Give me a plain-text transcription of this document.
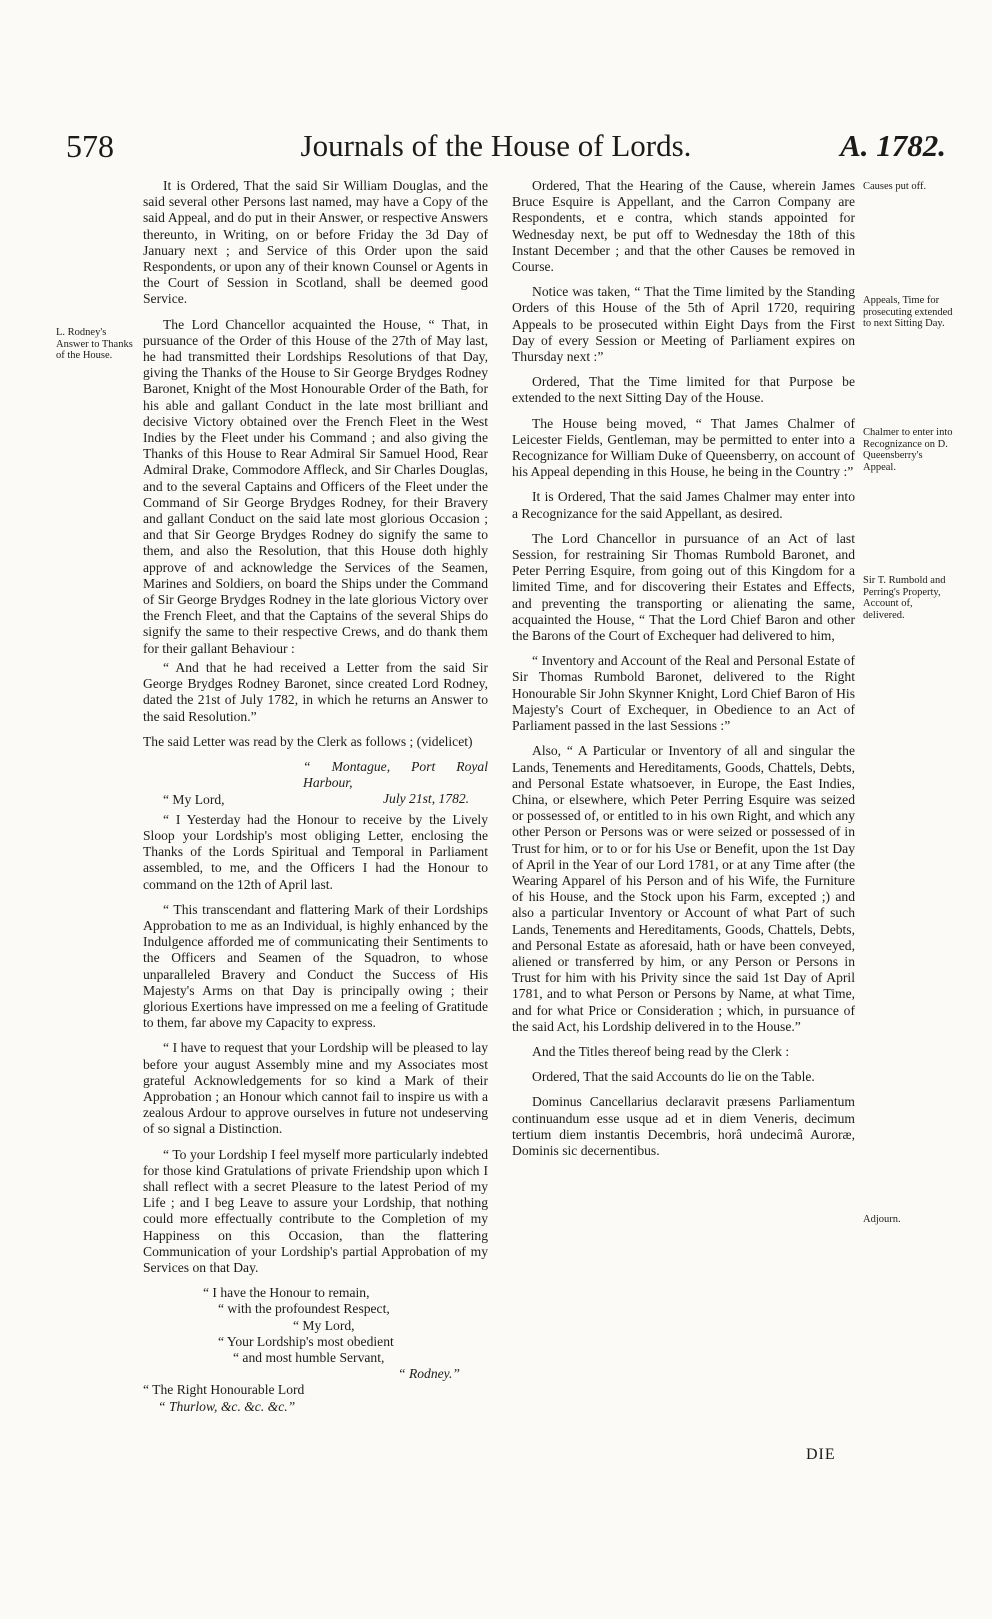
578	Journals of the House of Lords.	A. 1782.
L. Rodney's Answer to Thanks of the House.
Causes put off.
Appeals, Time for prosecuting extended to next Sitting Day.
Chalmer to enter into Recognizance on D. Queensberry's Appeal.
Sir T. Rumbold and Perring's Property, Account of, delivered.
Adjourn.

It is Ordered, That the said Sir William Douglas, and the said several other Persons last named, may have a Copy of the said Appeal, and do put in their Answer, or respective Answers thereunto, in Writing, on or before Friday the 3d Day of January next ; and Service of this Order upon the said Respondents, or upon any of their known Counsel or Agents in the Court of Session in Scotland, shall be deemed good Service.

The Lord Chancellor acquainted the House, “ That, in pursuance of the Order of this House of the 27th of May last, he had transmitted their Lordships Resolutions of that Day, giving the Thanks of the House to Sir George Brydges Rodney Baronet, Knight of the Most Honourable Order of the Bath, for his able and gallant Conduct in the late most brilliant and decisive Victory obtained over the French Fleet in the West Indies by the Fleet under his Command ; and also giving the Thanks of this House to Rear Admiral Sir Samuel Hood, Rear Admiral Drake, Commodore Affleck, and Sir Charles Douglas, and to the several Captains and Officers of the Fleet under the Command of Sir George Brydges Rodney, for their Bravery and gallant Conduct on the said late most glorious Occasion ; and that Sir George Brydges Rodney do signify the same to them, and also the Resolution, that this House doth highly approve of and acknowledge the Services of the Seamen, Marines and Soldiers, on board the Ships under the Command of Sir George Brydges Rodney in the late glorious Victory over the French Fleet, and that the Captains of the several Ships do signify the same to their respective Crews, and do thank them for their gallant Behaviour :

“ And that he had received a Letter from the said Sir George Brydges Rodney Baronet, since created Lord Rodney, dated the 21st of July 1782, in which he returns an Answer to the said Resolution.”

The said Letter was read by the Clerk as follows ; (videlicet)

“ Montague, Port Royal Harbour,
July 21st, 1782.
“ My Lord,

“ I Yesterday had the Honour to receive by the Lively Sloop your Lordship's most obliging Letter, enclosing the Thanks of the Lords Spiritual and Temporal in Parliament assembled, to me, and the Officers I had the Honour to command on the 12th of April last.

“ This transcendant and flattering Mark of their Lordships Approbation to me as an Individual, is highly enhanced by the Indulgence afforded me of communicating their Sentiments to the Officers and Seamen of the Squadron, to whose unparalleled Bravery and Conduct the Success of His Majesty's Arms on that Day is principally owing ; their glorious Exertions have impressed on me a feeling of Gratitude to them, far above my Capacity to express.

“ I have to request that your Lordship will be pleased to lay before your august Assembly mine and my Associates most grateful Acknowledgements for so kind a Mark of their Approbation ; an Honour which cannot fail to inspire us with a zealous Ardour to approve ourselves in future not undeserving of so signal a Distinction.

“ To your Lordship I feel myself more particularly indebted for those kind Gratulations of private Friendship upon which I shall reflect with a secret Pleasure to the latest Period of my Life ; and I beg Leave to assure your Lordship, that nothing could more effectually contribute to the Completion of my Happiness on this Occasion, than the flattering Communication of your Lordship's partial Approbation of my Services on that Day.

“ I have the Honour to remain,
“ with the profoundest Respect,
“ My Lord,
“ Your Lordship's most obedient
“ and most humble Servant,
“ Rodney.”
“ The Right Honourable Lord
“ Thurlow, &c. &c. &c.”

Ordered, That the Hearing of the Cause, wherein James Bruce Esquire is Appellant, and the Carron Company are Respondents, et e contra, which stands appointed for Wednesday next, be put off to Wednesday the 18th of this Instant December ; and that the other Causes be removed in Course.

Notice was taken, “ That the Time limited by the Standing Orders of this House of the 5th of April 1720, requiring Appeals to be prosecuted within Eight Days from the First Day of every Session or Meeting of Parliament expires on Thursday next :”

Ordered, That the Time limited for that Purpose be extended to the next Sitting Day of the House.

The House being moved, “ That James Chalmer of Leicester Fields, Gentleman, may be permitted to enter into a Recognizance for William Duke of Queensberry, on account of his Appeal depending in this House, he being in the Country :”

It is Ordered, That the said James Chalmer may enter into a Recognizance for the said Appellant, as desired.

The Lord Chancellor in pursuance of an Act of last Session, for restraining Sir Thomas Rumbold Baronet, and Peter Perring Esquire, from going out of this Kingdom for a limited Time, and for discovering their Estates and Effects, and preventing the transporting or alienating the same, acquainted the House, “ That the Lord Chief Baron and other the Barons of the Court of Exchequer had delivered to him,

“ Inventory and Account of the Real and Personal Estate of Sir Thomas Rumbold Baronet, delivered to the Right Honourable Sir John Skynner Knight, Lord Chief Baron of His Majesty's Court of Exchequer, in Obedience to an Act of Parliament passed in the last Sessions :”

Also, “ A Particular or Inventory of all and singular the Lands, Tenements and Hereditaments, Goods, Chattels, Debts, and Personal Estate whatsoever, in Europe, the East Indies, China, or elsewhere, which Peter Perring Esquire was seized or possessed of, or entitled to in his own Right, and which any other Person or Persons was or were seized or possessed of in Trust for him, or to or for his Use or Benefit, upon the 1st Day of April in the Year of our Lord 1781, or at any Time after (the Wearing Apparel of his Person and of his Wife, the Furniture of his House, and the Stock upon his Farm, excepted ;) and also a particular Inventory or Account of what Part of such Lands, Tenements and Hereditaments, Goods, Chattels, Debts, and Personal Estate as aforesaid, hath or have been conveyed, aliened or transferred by him, or any Person or Persons in Trust for him with his Privity since the said 1st Day of April 1781, and to what Person or Persons by Name, at what Time, and for what Price or Consideration ; which, in pursuance of the said Act, his Lordship delivered in to the House.”

And the Titles thereof being read by the Clerk :

Ordered, That the said Accounts do lie on the Table.

Dominus Cancellarius declaravit præsens Parliamentum continuandum esse usque ad et in diem Veneris, decimum tertium diem instantis Decembris, horâ undecimâ Auroræ, Dominis sic decernentibus.

DIE
